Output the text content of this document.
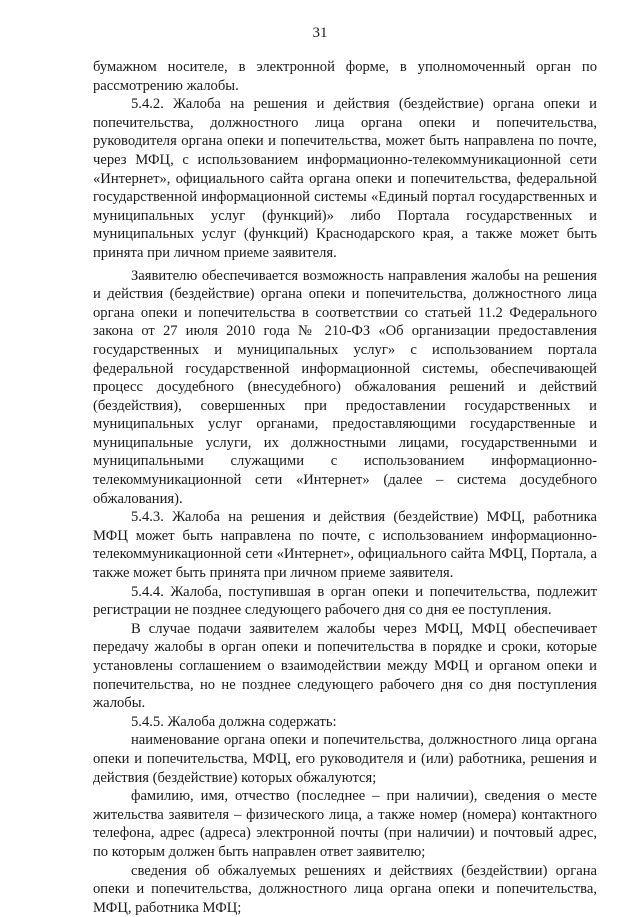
31

бумажном носителе, в электронной форме, в уполномоченный орган по рассмотрению жалобы.

5.4.2. Жалоба на решения и действия (бездействие) органа опеки и попечительства, должностного лица органа опеки и попечительства, руководителя органа опеки и попечительства, может быть направлена по почте, через МФЦ, с использованием информационно-телекоммуникационной сети «Интернет», официального сайта органа опеки и попечительства, федеральной государственной информационной системы «Единый портал государственных и муниципальных услуг (функций)» либо Портала государственных и муниципальных услуг (функций) Краснодарского края, а также может быть принята при личном приеме заявителя.

Заявителю обеспечивается возможность направления жалобы на решения и действия (бездействие) органа опеки и попечительства, должностного лица органа опеки и попечительства в соответствии со статьей 11.2 Федерального закона от 27 июля 2010 года № 210-ФЗ «Об организации предоставления государственных и муниципальных услуг» с использованием портала федеральной государственной информационной системы, обеспечивающей процесс досудебного (внесудебного) обжалования решений и действий (бездействия), совершенных при предоставлении государственных и муниципальных услуг органами, предоставляющими государственные и муниципальные услуги, их должностными лицами, государственными и муниципальными служащими с использованием информационно-телекоммуникационной сети «Интернет» (далее – система досудебного обжалования).

5.4.3. Жалоба на решения и действия (бездействие) МФЦ, работника МФЦ может быть направлена по почте, с использованием информационно-телекоммуникационной сети «Интернет», официального сайта МФЦ, Портала, а также может быть принята при личном приеме заявителя.

5.4.4. Жалоба, поступившая в орган опеки и попечительства, подлежит регистрации не позднее следующего рабочего дня со дня ее поступления.

В случае подачи заявителем жалобы через МФЦ, МФЦ обеспечивает передачу жалобы в орган опеки и попечительства в порядке и сроки, которые установлены соглашением о взаимодействии между МФЦ и органом опеки и попечительства, но не позднее следующего рабочего дня со дня поступления жалобы.

5.4.5. Жалоба должна содержать:

наименование органа опеки и попечительства, должностного лица органа опеки и попечительства, МФЦ, его руководителя и (или) работника, решения и действия (бездействие) которых обжалуются;

фамилию, имя, отчество (последнее – при наличии), сведения о месте жительства заявителя – физического лица, а также номер (номера) контактного телефона, адрес (адреса) электронной почты (при наличии) и почтовый адрес, по которым должен быть направлен ответ заявителю;

сведения об обжалуемых решениях и действиях (бездействии) органа опеки и попечительства, должностного лица органа опеки и попечительства, МФЦ, работника МФЦ;
